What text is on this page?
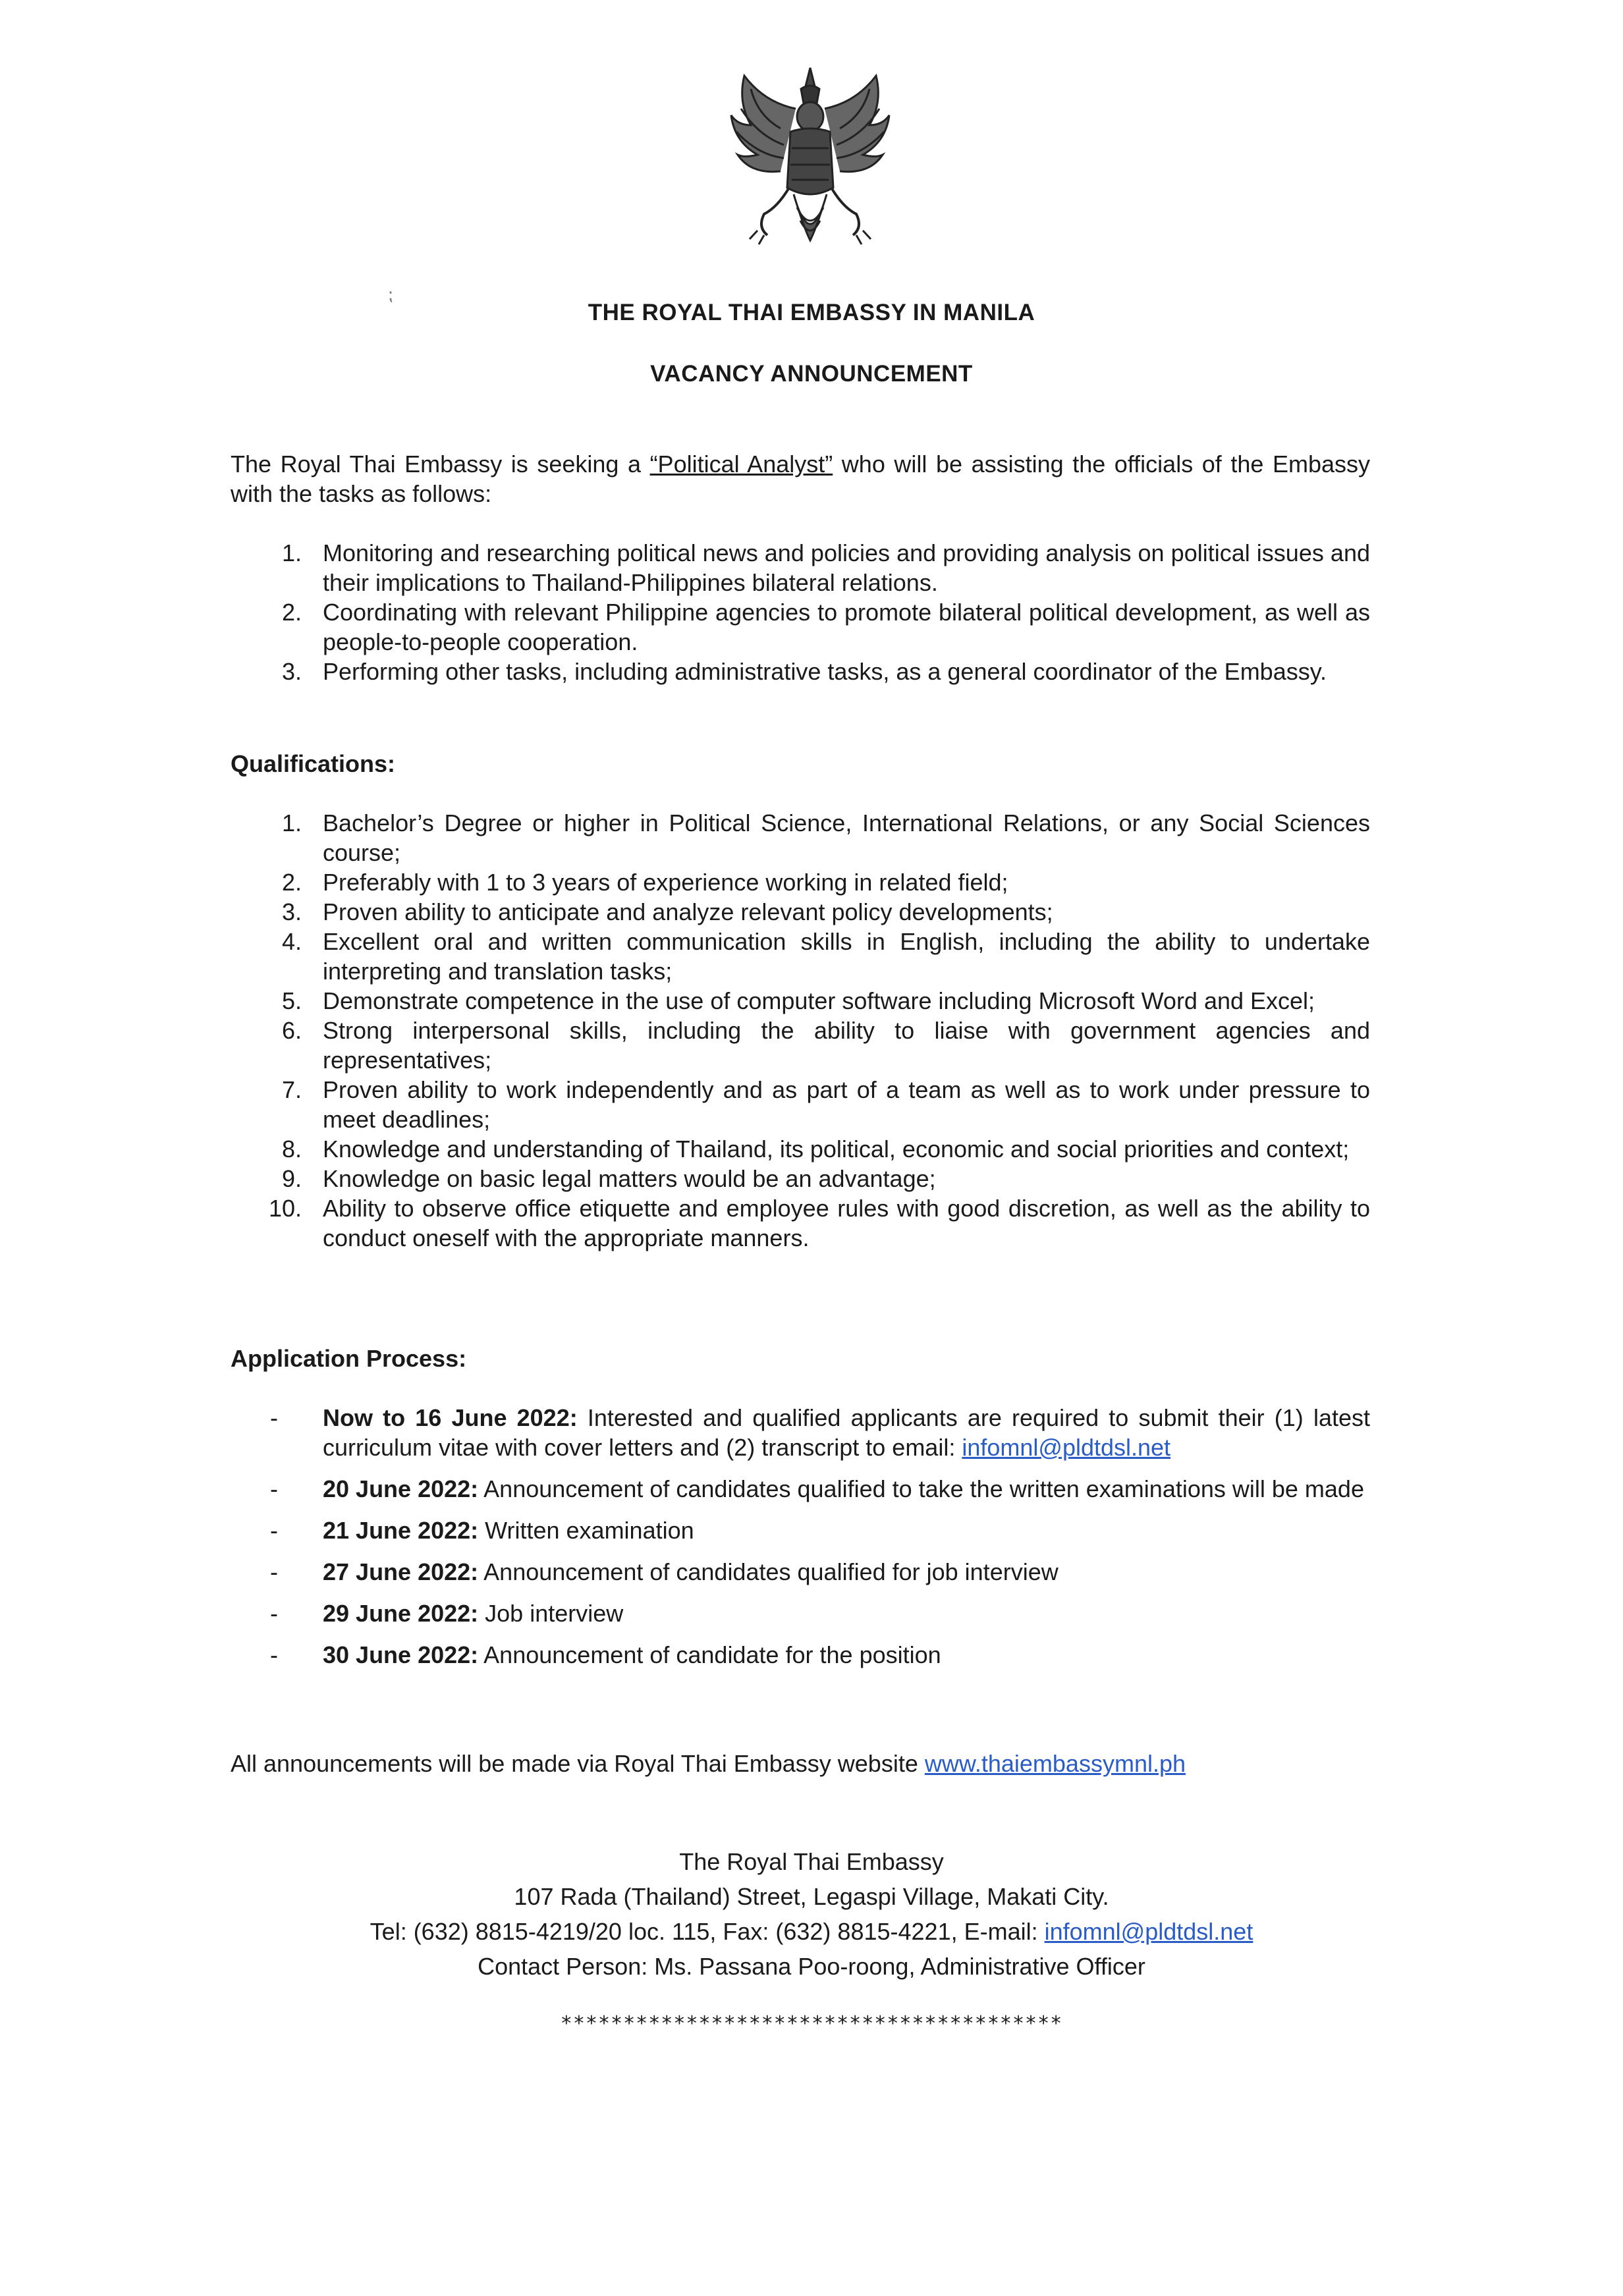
⁏
THE ROYAL THAI EMBASSY IN MANILA
VACANCY ANNOUNCEMENT
The Royal Thai Embassy is seeking a “Political Analyst” who will be assisting the officials of the Embassy with the tasks as follows:
1. Monitoring and researching political news and policies and providing analysis on political issues and their implications to Thailand-Philippines bilateral relations.
2. Coordinating with relevant Philippine agencies to promote bilateral political development, as well as people-to-people cooperation.
3. Performing other tasks, including administrative tasks, as a general coordinator of the Embassy.
Qualifications:
1. Bachelor’s Degree or higher in Political Science, International Relations, or any Social Sciences course;
2. Preferably with 1 to 3 years of experience working in related field;
3. Proven ability to anticipate and analyze relevant policy developments;
4. Excellent oral and written communication skills in English, including the ability to undertake interpreting and translation tasks;
5. Demonstrate competence in the use of computer software including Microsoft Word and Excel;
6. Strong interpersonal skills, including the ability to liaise with government agencies and representatives;
7. Proven ability to work independently and as part of a team as well as to work under pressure to meet deadlines;
8. Knowledge and understanding of Thailand, its political, economic and social priorities and context;
9. Knowledge on basic legal matters would be an advantage;
10. Ability to observe office etiquette and employee rules with good discretion, as well as the ability to conduct oneself with the appropriate manners.
Application Process:
- Now to 16 June 2022: Interested and qualified applicants are required to submit their (1) latest curriculum vitae with cover letters and (2) transcript to email: infomnl@pldtdsl.net
- 20 June 2022: Announcement of candidates qualified to take the written examinations will be made
- 21 June 2022: Written examination
- 27 June 2022: Announcement of candidates qualified for job interview
- 29 June 2022: Job interview
- 30 June 2022: Announcement of candidate for the position
All announcements will be made via Royal Thai Embassy website www.thaiembassymnl.ph
The Royal Thai Embassy
107 Rada (Thailand) Street, Legaspi Village, Makati City.
Tel: (632) 8815-4219/20 loc. 115, Fax: (632) 8815-4221, E-mail: infomnl@pldtdsl.net
Contact Person: Ms. Passana Poo-roong, Administrative Officer
****************************************
